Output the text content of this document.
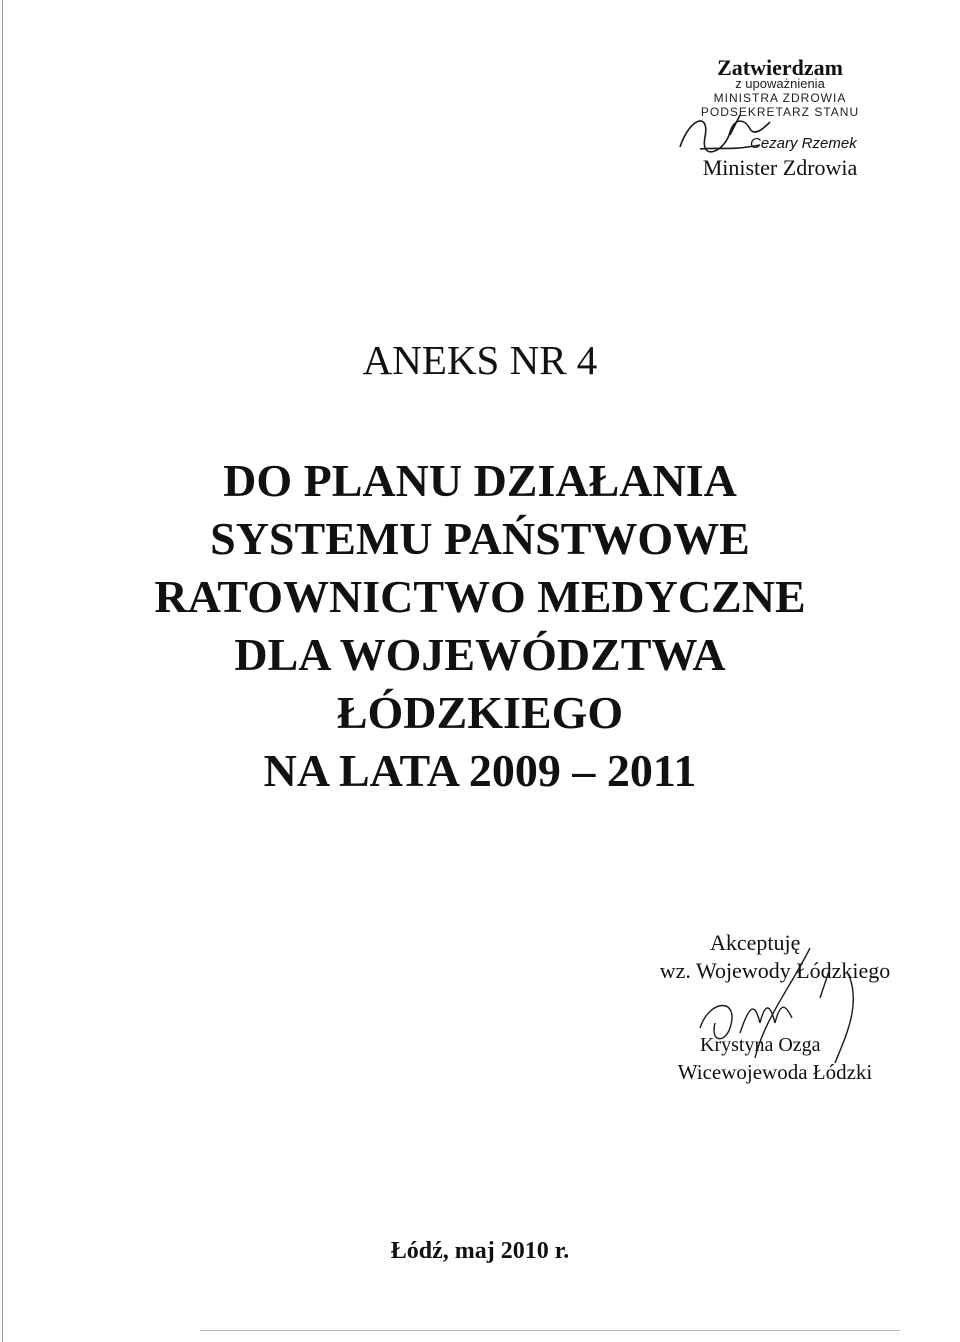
Zatwierdzam
z upoważnienia
MINISTRA ZDROWIA
PODSEKRETARZ STANU
Cezary Rzemek
Minister Zdrowia
ANEKS NR 4
DO PLANU DZIAŁANIA
SYSTEMU PAŃSTWOWE
RATOWNICTWO MEDYCZNE
DLA WOJEWÓDZTWA
ŁÓDZKIEGO
NA LATA 2009 – 2011
Akceptuję
wz. Wojewody Łódzkiego
Krystyna Ozga
Wicewojewoda Łódzki
Łódź, maj 2010 r.
